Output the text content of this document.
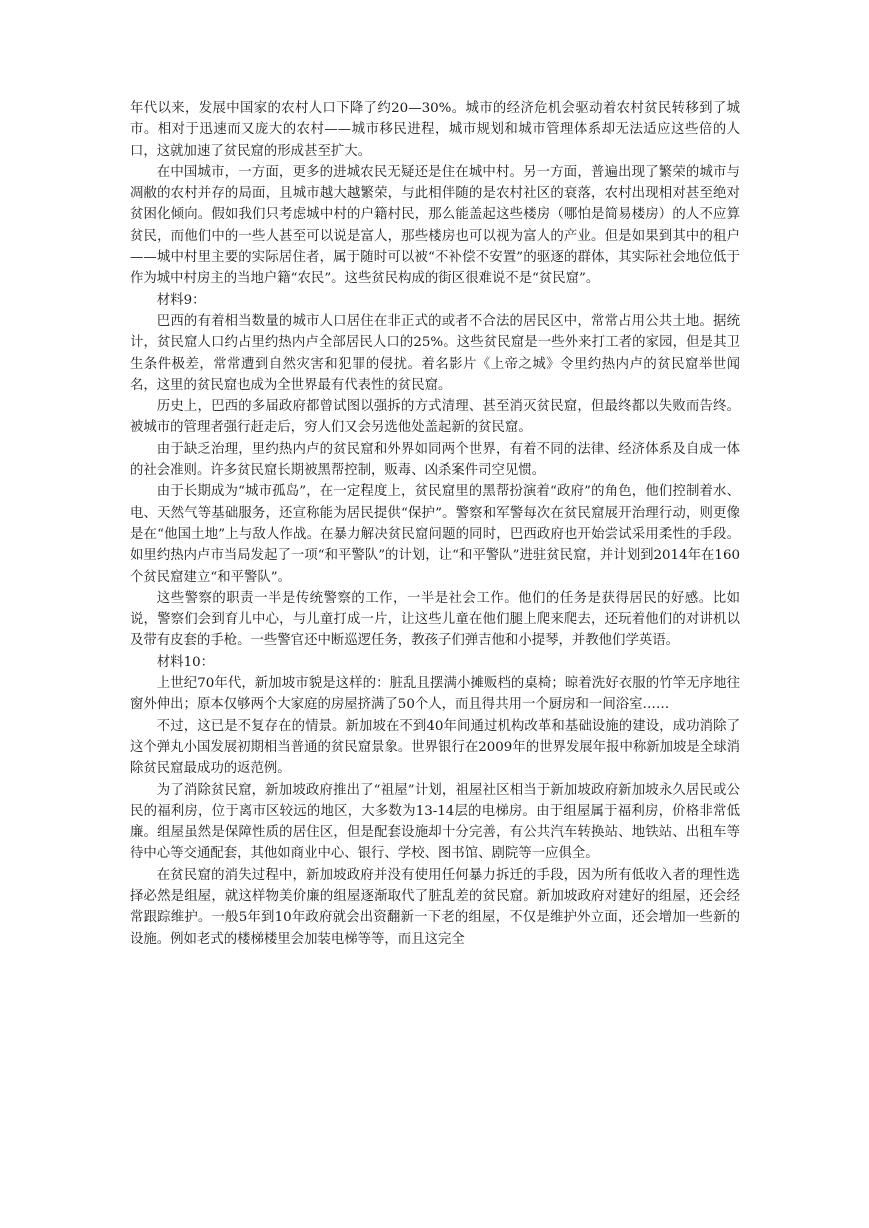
年代以来，发展中国家的农村人口下降了约20—30%。城市的经济危机会驱动着农村贫民转移到了城市。相对于迅速而又庞大的农村——城市移民进程，城市规划和城市管理体系却无法适应这些倍的人口，这就加速了贫民窟的形成甚至扩大。

在中国城市，一方面，更多的进城农民无疑还是住在城中村。另一方面，普遍出现了繁荣的城市与凋敝的农村并存的局面，且城市越大越繁荣，与此相伴随的是农村社区的衰落，农村出现相对甚至绝对贫困化倾向。假如我们只考虑城中村的户籍村民，那么能盖起这些楼房（哪怕是简易楼房）的人不应算贫民，而他们中的一些人甚至可以说是富人，那些楼房也可以视为富人的产业。但是如果到其中的租户——城中村里主要的实际居住者，属于随时可以被“不补偿不安置”的驱逐的群体，其实际社会地位低于作为城中村房主的当地户籍“农民”。这些贫民构成的街区很难说不是“贫民窟”。

材料9：

巴西的有着相当数量的城市人口居住在非正式的或者不合法的居民区中，常常占用公共土地。据统计，贫民窟人口约占里约热内卢全部居民人口的25%。这些贫民窟是一些外来打工者的家园，但是其卫生条件极差，常常遭到自然灾害和犯罪的侵扰。着名影片《上帝之城》令里约热内卢的贫民窟举世闻名，这里的贫民窟也成为全世界最有代表性的贫民窟。

历史上，巴西的多届政府都曾试图以强拆的方式清理、甚至消灭贫民窟，但最终都以失败而告终。被城市的管理者强行赶走后，穷人们又会另选他处盖起新的贫民窟。

由于缺乏治理，里约热内卢的贫民窟和外界如同两个世界，有着不同的法律、经济体系及自成一体的社会准则。许多贫民窟长期被黑帮控制，贩毒、凶杀案件司空见惯。

由于长期成为“城市孤岛”，在一定程度上，贫民窟里的黑帮扮演着“政府”的角色，他们控制着水、电、天然气等基础服务，还宣称能为居民提供“保护”。警察和军警每次在贫民窟展开治理行动，则更像是在“他国土地”上与敌人作战。在暴力解决贫民窟问题的同时，巴西政府也开始尝试采用柔性的手段。如里约热内卢市当局发起了一项“和平警队”的计划，让“和平警队”进驻贫民窟，并计划到2014年在160个贫民窟建立“和平警队”。

这些警察的职责一半是传统警察的工作，一半是社会工作。他们的任务是获得居民的好感。比如说，警察们会到育儿中心，与儿童打成一片，让这些儿童在他们腿上爬来爬去，还玩着他们的对讲机以及带有皮套的手枪。一些警官还中断巡逻任务，教孩子们弹吉他和小提琴，并教他们学英语。

材料10：

上世纪70年代，新加坡市貌是这样的：脏乱且摆满小摊贩档的桌椅；晾着洗好衣服的竹竿无序地往窗外伸出；原本仅够两个大家庭的房屋挤满了50个人，而且得共用一个厨房和一间浴室……

不过，这已是不复存在的情景。新加坡在不到40年间通过机构改革和基础设施的建设，成功消除了这个弹丸小国发展初期相当普通的贫民窟景象。世界银行在2009年的世界发展年报中称新加坡是全球消除贫民窟最成功的返范例。

为了消除贫民窟，新加坡政府推出了“祖屋”计划，祖屋社区相当于新加坡政府新加坡永久居民或公民的福利房，位于离市区较远的地区，大多数为13-14层的电梯房。由于组屋属于福利房，价格非常低廉。组屋虽然是保障性质的居住区，但是配套设施却十分完善，有公共汽车转换站、地铁站、出租车等待中心等交通配套，其他如商业中心、银行、学校、图书馆、剧院等一应俱全。

在贫民窟的消失过程中，新加坡政府并没有使用任何暴力拆迁的手段，因为所有低收入者的理性选择必然是组屋，就这样物美价廉的组屋逐渐取代了脏乱差的贫民窟。新加坡政府对建好的组屋，还会经常跟踪维护。一般5年到10年政府就会出资翻新一下老的组屋，不仅是维护外立面，还会增加一些新的设施。例如老式的楼梯楼里会加装电梯等等，而且这完全
